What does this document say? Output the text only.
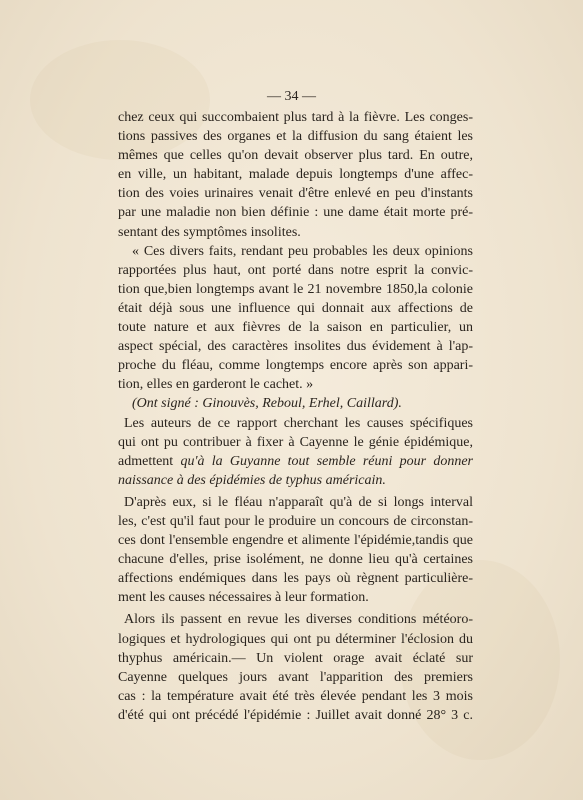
— 34 —
chez ceux qui succombaient plus tard à la fièvre. Les conges-
tions passives des organes et la diffusion du sang étaient les
mêmes que celles qu'on devait observer plus tard. En outre,
en ville, un habitant, malade depuis longtemps d'une affec-
tion des voies urinaires venait d'être enlevé en peu d'instants
par une maladie non bien définie : une dame était morte pré-
sentant des symptômes insolites.
« Ces divers faits, rendant peu probables les deux opinions
rapportées plus haut, ont porté dans notre esprit la convic-
tion que,bien longtemps avant le 21 novembre 1850,la colonie
était déjà sous une influence qui donnait aux affections de
toute nature et aux fièvres de la saison en particulier, un
aspect spécial, des caractères insolites dus évidement à l'ap-
proche du fléau, comme longtemps encore après son appari-
tion, elles en garderont le cachet. »
(Ont signé : Ginouvès, Reboul, Erhel, Caillard).
Les auteurs de ce rapport cherchant les causes spécifiques
qui ont pu contribuer à fixer à Cayenne le génie épidémique,
admettent qu'à la Guyanne tout semble réuni pour donner
naissance à des épidémies de typhus américain.
D'après eux, si le fléau n'apparaît qu'à de si longs interval
les, c'est qu'il faut pour le produire un concours de circonstan-
ces dont l'ensemble engendre et alimente l'épidémie,tandis que
chacune d'elles, prise isolément, ne donne lieu qu'à certaines
affections endémiques dans les pays où règnent particulière-
ment les causes nécessaires à leur formation.
Alors ils passent en revue les diverses conditions météoro-
logiques et hydrologiques qui ont pu déterminer l'éclosion du
thyphus américain.— Un violent orage avait éclaté sur
Cayenne quelques jours avant l'apparition des premiers
cas : la température avait été très élevée pendant les 3 mois
d'été qui ont précédé l'épidémie : Juillet avait donné 28° 3 c.
